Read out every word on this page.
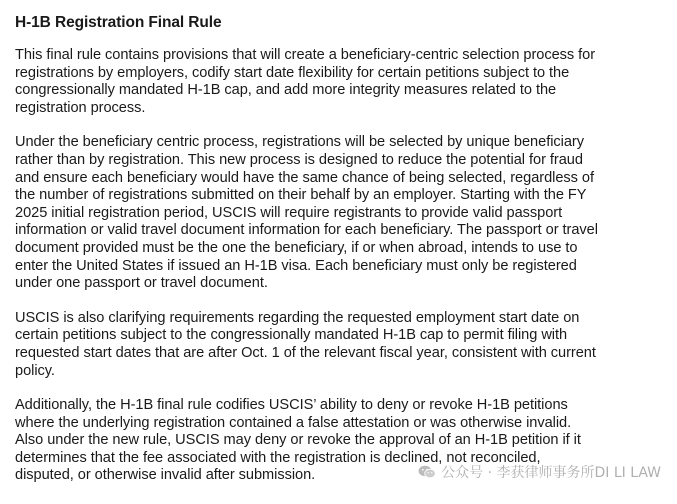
H-1B Registration Final Rule
This final rule contains provisions that will create a beneficiary-centric selection process for
registrations by employers, codify start date flexibility for certain petitions subject to the
congressionally mandated H-1B cap, and add more integrity measures related to the
registration process.
Under the beneficiary centric process, registrations will be selected by unique beneficiary
rather than by registration. This new process is designed to reduce the potential for fraud
and ensure each beneficiary would have the same chance of being selected, regardless of
the number of registrations submitted on their behalf by an employer. Starting with the FY
2025 initial registration period, USCIS will require registrants to provide valid passport
information or valid travel document information for each beneficiary. The passport or travel
document provided must be the one the beneficiary, if or when abroad, intends to use to
enter the United States if issued an H-1B visa. Each beneficiary must only be registered
under one passport or travel document.
USCIS is also clarifying requirements regarding the requested employment start date on
certain petitions subject to the congressionally mandated H-1B cap to permit filing with
requested start dates that are after Oct. 1 of the relevant fiscal year, consistent with current
policy.
Additionally, the H-1B final rule codifies USCIS’ ability to deny or revoke H-1B petitions
where the underlying registration contained a false attestation or was otherwise invalid.
Also under the new rule, USCIS may deny or revoke the approval of an H-1B petition if it
determines that the fee associated with the registration is declined, not reconciled,
disputed, or otherwise invalid after submission.	公众号 · 李获律师事务所DI LI LAW
